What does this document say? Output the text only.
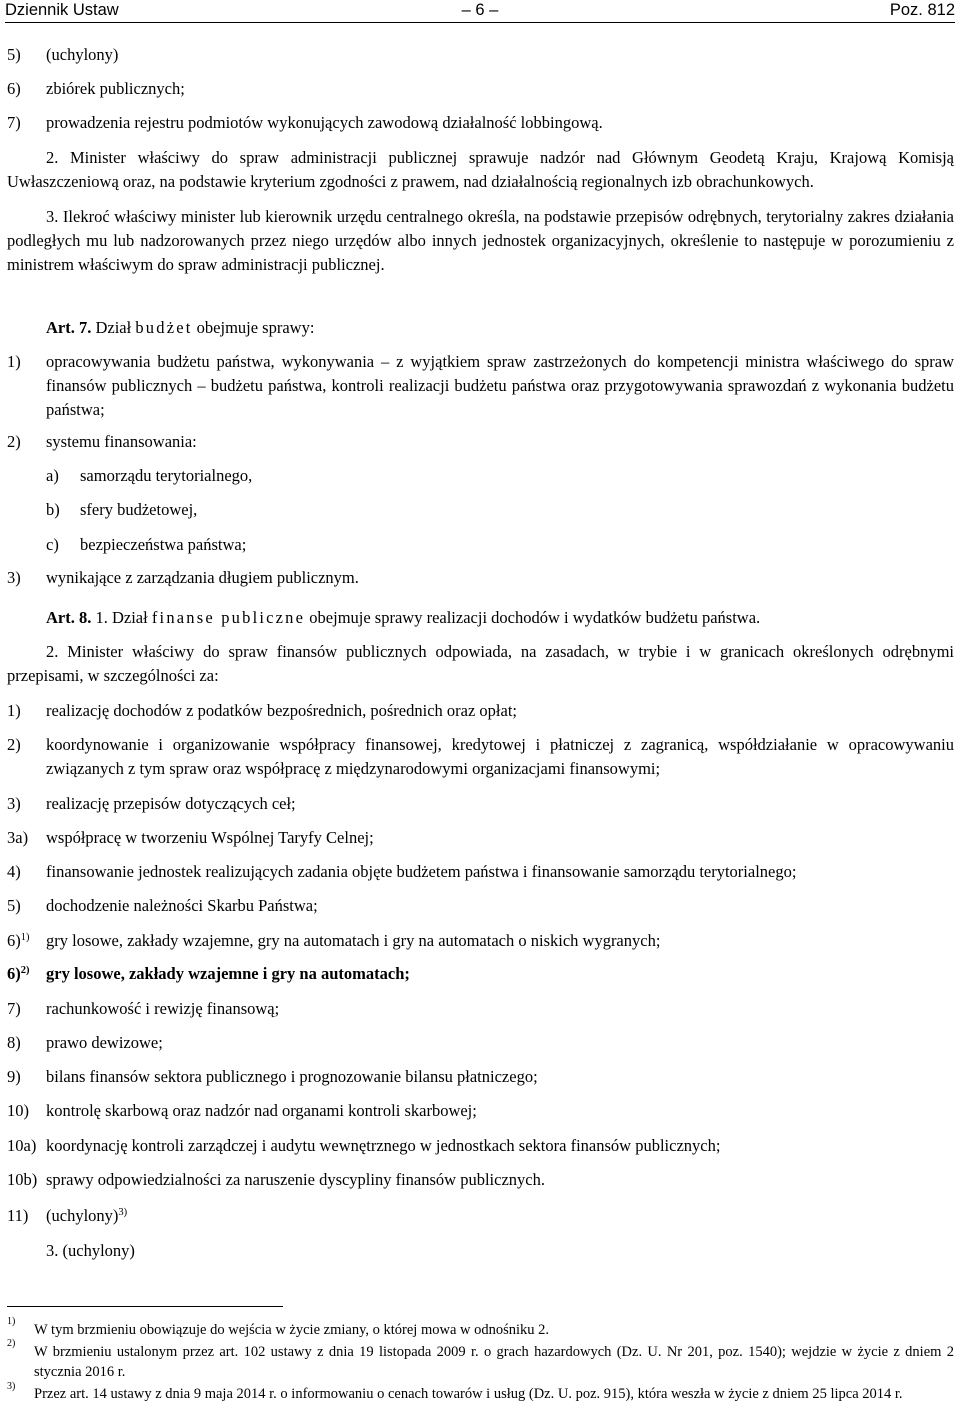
Dziennik Ustaw	– 6 –	Poz. 812
5) (uchylony)
6) zbiórek publicznych;
7) prowadzenia rejestru podmiotów wykonujących zawodową działalność lobbingową.
2. Minister właściwy do spraw administracji publicznej sprawuje nadzór nad Głównym Geodetą Kraju, Krajową Komisją Uwłaszczeniową oraz, na podstawie kryterium zgodności z prawem, nad działalnością regionalnych izb obrachunkowych.
3. Ilekroć właściwy minister lub kierownik urzędu centralnego określa, na podstawie przepisów odrębnych, terytorialny zakres działania podległych mu lub nadzorowanych przez niego urzędów albo innych jednostek organizacyjnych, określenie to następuje w porozumieniu z ministrem właściwym do spraw administracji publicznej.
Art. 7. Dział budżet obejmuje sprawy:
1) opracowywania budżetu państwa, wykonywania – z wyjątkiem spraw zastrzeżonych do kompetencji ministra właściwego do spraw finansów publicznych – budżetu państwa, kontroli realizacji budżetu państwa oraz przygotowywania sprawozdań z wykonania budżetu państwa;
2) systemu finansowania:
a) samorządu terytorialnego,
b) sfery budżetowej,
c) bezpieczeństwa państwa;
3) wynikające z zarządzania długiem publicznym.
Art. 8. 1. Dział finanse publiczne obejmuje sprawy realizacji dochodów i wydatków budżetu państwa.
2. Minister właściwy do spraw finansów publicznych odpowiada, na zasadach, w trybie i w granicach określonych odrębnymi przepisami, w szczególności za:
1) realizację dochodów z podatków bezpośrednich, pośrednich oraz opłat;
2) koordynowanie i organizowanie współpracy finansowej, kredytowej i płatniczej z zagranicą, współdziałanie w opracowywaniu związanych z tym spraw oraz współpracę z międzynarodowymi organizacjami finansowymi;
3) realizację przepisów dotyczących ceł;
3a) współpracę w tworzeniu Wspólnej Taryfy Celnej;
4) finansowanie jednostek realizujących zadania objęte budżetem państwa i finansowanie samorządu terytorialnego;
5) dochodzenie należności Skarbu Państwa;
6)$^{1)}$ gry losowe, zakłady wzajemne, gry na automatach i gry na automatach o niskich wygranych;
6)$^{2)}$ gry losowe, zakłady wzajemne i gry na automatach;
7) rachunkowość i rewizję finansową;
8) prawo dewizowe;
9) bilans finansów sektora publicznego i prognozowanie bilansu płatniczego;
10) kontrolę skarbową oraz nadzór nad organami kontroli skarbowej;
10a) koordynację kontroli zarządczej i audytu wewnętrznego w jednostkach sektora finansów publicznych;
10b) sprawy odpowiedzialności za naruszenie dyscypliny finansów publicznych.
11) (uchylony)$^{3)}$
3. (uchylony)
1)
W tym brzmieniu obowiązuje do wejścia w życie zmiany, o której mowa w odnośniku 2.
2)
W brzmieniu ustalonym przez art. 102 ustawy z dnia 19 listopada 2009 r. o grach hazardowych (Dz. U. Nr 201, poz. 1540); wejdzie w życie z dniem 2 stycznia 2016 r.
3) Przez art. 14 ustawy z dnia 9 maja 2014 r. o informowaniu o cenach towarów i usług (Dz. U. poz. 915), która weszła w życie z dniem 25 lipca 2014 r.
